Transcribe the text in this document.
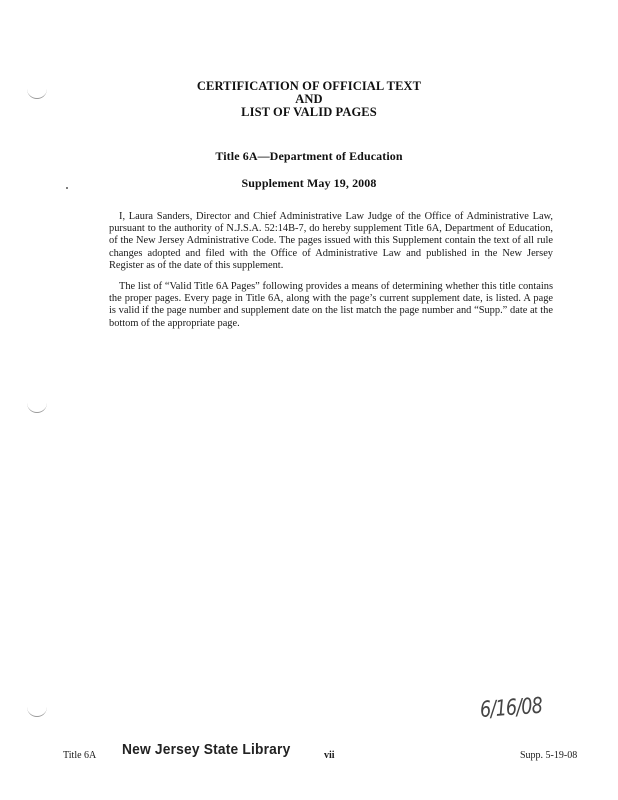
CERTIFICATION OF OFFICIAL TEXT
AND
LIST OF VALID PAGES
Title 6A—Department of Education
Supplement May 19, 2008

I, Laura Sanders, Director and Chief Administrative Law Judge of the Office of Administrative Law, pursuant to the authority of N.J.S.A. 52:14B-7, do hereby supplement Title 6A, Department of Education, of the New Jersey Administrative Code. The pages issued with this Supplement contain the text of all rule changes adopted and filed with the Office of Administrative Law and published in the New Jersey Register as of the date of this supplement.

The list of “Valid Title 6A Pages” following provides a means of determining whether this title contains the proper pages. Every page in Title 6A, along with the page’s current supplement date, is listed. A page is valid if the page number and supplement date on the list match the page number and “Supp.” date at the bottom of the appropriate page.

6/16/08
Title 6A New Jersey State Library	vii	Supp. 5-19-08
